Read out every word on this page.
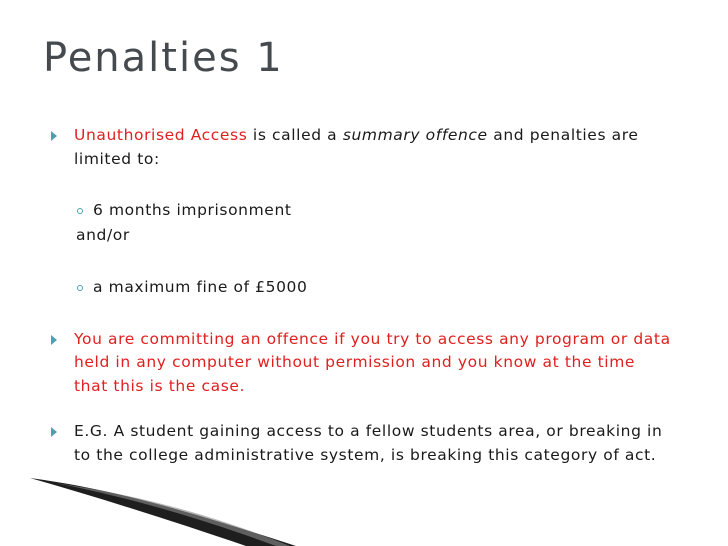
Penalties 1
Unauthorised Access is called a summary offence and penalties are limited to:
6 months imprisonment
and/or
a maximum fine of £5000
You are committing an offence if you try to access any program or data held in any computer without permission and you know at the time that this is the case.
E.G. A student gaining access to a fellow students area, or breaking in to the college administrative system, is breaking this category of act.
